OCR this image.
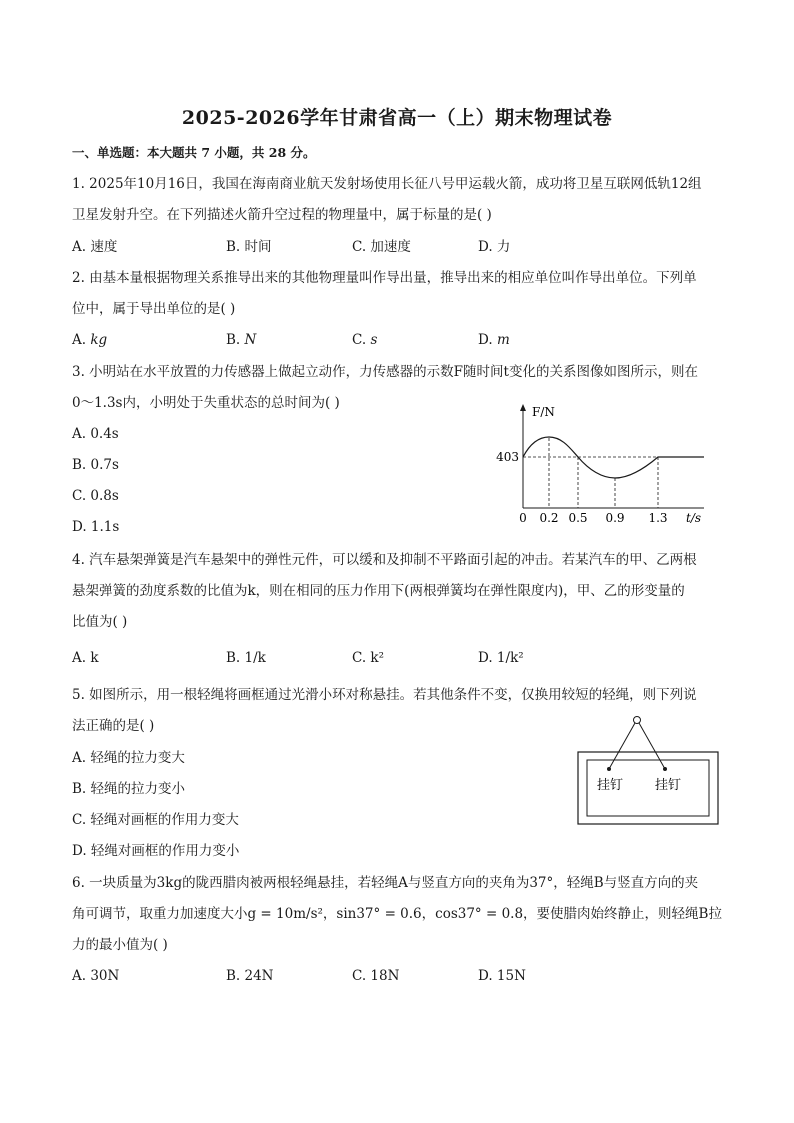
2025-2026学年甘肃省高一（上）期末物理试卷
一、单选题：本大题共 7 小题，共 28 分。
1. 2025年10月16日，我国在海南商业航天发射场使用长征八号甲运载火箭，成功将卫星互联网低轨12组
卫星发射升空。在下列描述火箭升空过程的物理量中，属于标量的是( )
A. 速度	B. 时间	C. 加速度	D. 力
2. 由基本量根据物理关系推导出来的其他物理量叫作导出量，推导出来的相应单位叫作导出单位。下列单
位中，属于导出单位的是( )
A. kg	B. N	C. s	D. m
3. 小明站在水平放置的力传感器上做起立动作，力传感器的示数F随时间t变化的关系图像如图所示，则在
0～1.3s内，小明处于失重状态的总时间为( )
A. 0.4s
B. 0.7s
C. 0.8s
D. 1.1s
F/N
403
0 0.2 0.5 0.9 1.3 t/s
4. 汽车悬架弹簧是汽车悬架中的弹性元件，可以缓和及抑制不平路面引起的冲击。若某汽车的甲、乙两根
悬架弹簧的劲度系数的比值为k，则在相同的压力作用下(两根弹簧均在弹性限度内)，甲、乙的形变量的
比值为( )
A. k	B. 1/k	C. k²	D. 1/k²
5. 如图所示，用一根轻绳将画框通过光滑小环对称悬挂。若其他条件不变，仅换用较短的轻绳，则下列说
法正确的是( )
A. 轻绳的拉力变大
B. 轻绳的拉力变小
C. 轻绳对画框的作用力变大
D. 轻绳对画框的作用力变小
挂钉 挂钉
6. 一块质量为3kg的陇西腊肉被两根轻绳悬挂，若轻绳A与竖直方向的夹角为37°，轻绳B与竖直方向的夹
角可调节，取重力加速度大小g = 10m/s²，sin37° = 0.6，cos37° = 0.8，要使腊肉始终静止，则轻绳B拉
力的最小值为( )
A. 30N	B. 24N	C. 18N	D. 15N
